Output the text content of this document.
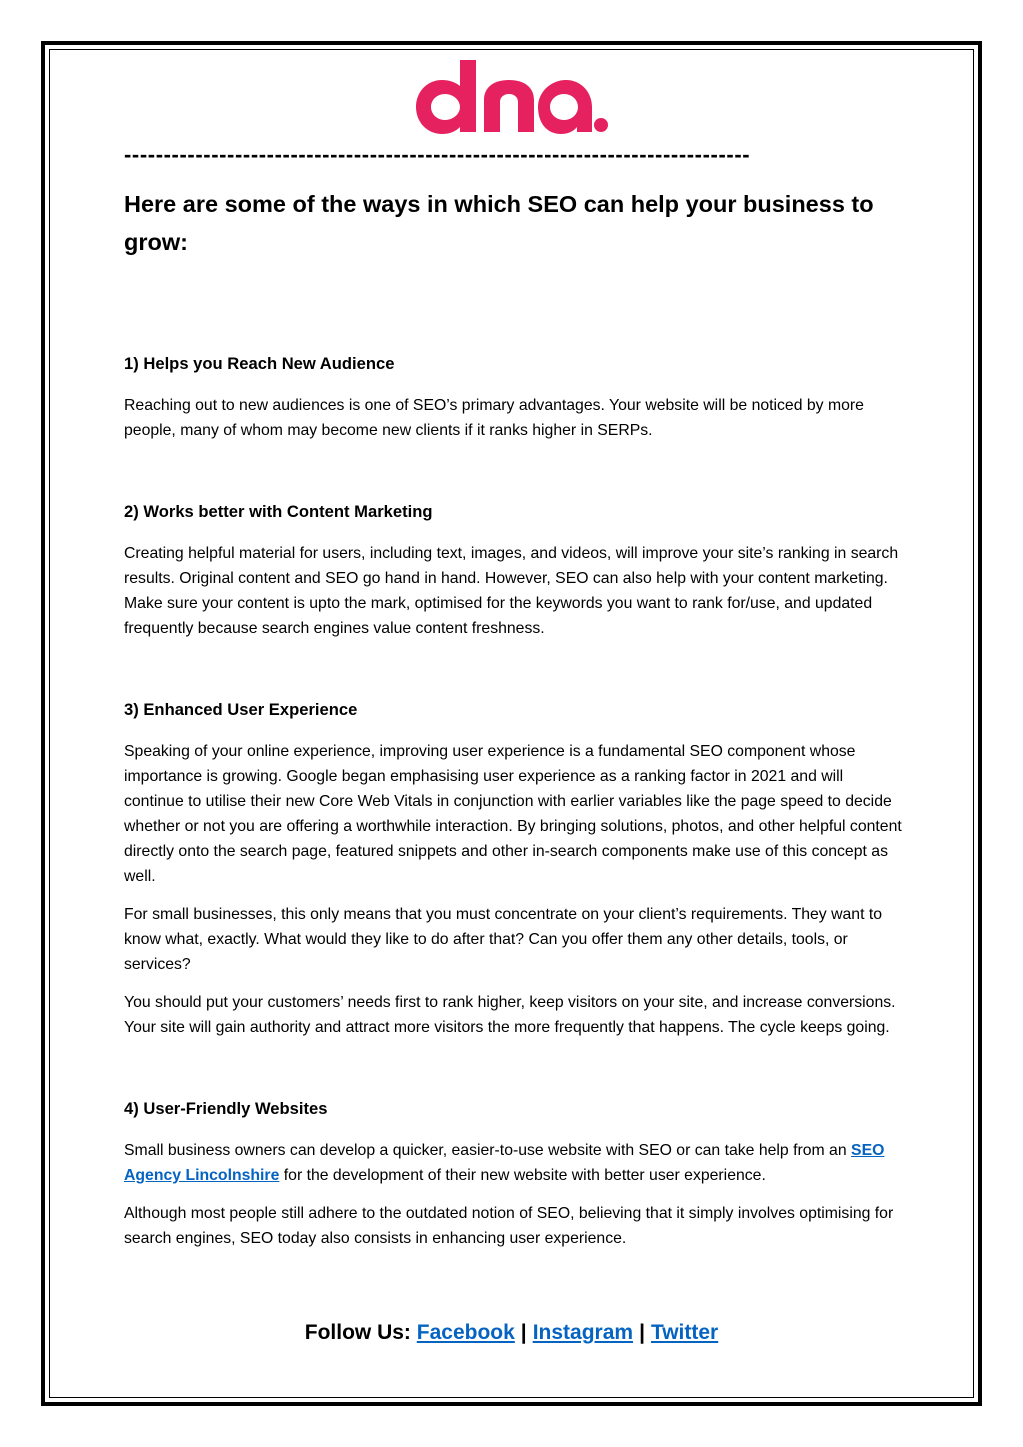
-------------------------------------------------------------------------------
Here are some of the ways in which SEO can help your business to grow:
1) Helps you Reach New Audience

Reaching out to new audiences is one of SEO’s primary advantages. Your website will be noticed by more people, many of whom may become new clients if it ranks higher in SERPs.

2) Works better with Content Marketing

Creating helpful material for users, including text, images, and videos, will improve your site’s ranking in search results. Original content and SEO go hand in hand. However, SEO can also help with your content marketing. Make sure your content is upto the mark, optimised for the keywords you want to rank for/use, and updated frequently because search engines value content freshness.

3) Enhanced User Experience

Speaking of your online experience, improving user experience is a fundamental SEO component whose importance is growing. Google began emphasising user experience as a ranking factor in 2021 and will continue to utilise their new Core Web Vitals in conjunction with earlier variables like the page speed to decide whether or not you are offering a worthwhile interaction. By bringing solutions, photos, and other helpful content directly onto the search page, featured snippets and other in-search components make use of this concept as well.

For small businesses, this only means that you must concentrate on your client’s requirements. They want to know what, exactly. What would they like to do after that? Can you offer them any other details, tools, or services?

You should put your customers’ needs first to rank higher, keep visitors on your site, and increase conversions. Your site will gain authority and attract more visitors the more frequently that happens. The cycle keeps going.

4) User-Friendly Websites

Small business owners can develop a quicker, easier-to-use website with SEO or can take help from an SEO Agency Lincolnshire for the development of their new website with better user experience.

Although most people still adhere to the outdated notion of SEO, believing that it simply involves optimising for search engines, SEO today also consists in enhancing user experience.

Follow Us: Facebook | Instagram | Twitter
